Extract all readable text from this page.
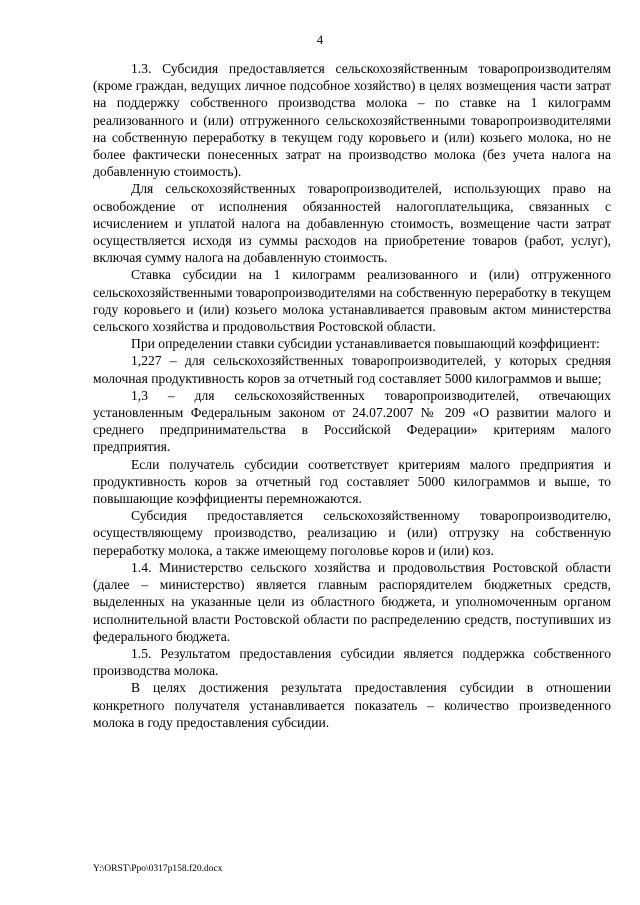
4

1.3. Субсидия предоставляется сельскохозяйственным товаропроизводителям (кроме граждан, ведущих личное подсобное хозяйство) в целях возмещения части затрат на поддержку собственного производства молока – по ставке на 1 килограмм реализованного и (или) отгруженного сельскохозяйственными товаропроизводителями на собственную переработку в текущем году коровьего и (или) козьего молока, но не более фактически понесенных затрат на производство молока (без учета налога на добавленную стоимость).

Для сельскохозяйственных товаропроизводителей, использующих право на освобождение от исполнения обязанностей налогоплательщика, связанных с исчислением и уплатой налога на добавленную стоимость, возмещение части затрат осуществляется исходя из суммы расходов на приобретение товаров (работ, услуг), включая сумму налога на добавленную стоимость.

Ставка субсидии на 1 килограмм реализованного и (или) отгруженного сельскохозяйственными товаропроизводителями на собственную переработку в текущем году коровьего и (или) козьего молока устанавливается правовым актом министерства сельского хозяйства и продовольствия Ростовской области.

При определении ставки субсидии устанавливается повышающий коэффициент:

1,227 – для сельскохозяйственных товаропроизводителей, у которых средняя молочная продуктивность коров за отчетный год составляет 5000 килограммов и выше;

1,3 – для сельскохозяйственных товаропроизводителей, отвечающих установленным Федеральным законом от 24.07.2007 № 209 «О развитии малого и среднего предпринимательства в Российской Федерации» критериям малого предприятия.

Если получатель субсидии соответствует критериям малого предприятия и продуктивность коров за отчетный год составляет 5000 килограммов и выше, то повышающие коэффициенты перемножаются.

Субсидия предоставляется сельскохозяйственному товаропроизводителю, осуществляющему производство, реализацию и (или) отгрузку на собственную переработку молока, а также имеющему поголовье коров и (или) коз.

1.4. Министерство сельского хозяйства и продовольствия Ростовской области (далее – министерство) является главным распорядителем бюджетных средств, выделенных на указанные цели из областного бюджета, и уполномоченным органом исполнительной власти Ростовской области по распределению средств, поступивших из федерального бюджета.

1.5. Результатом предоставления субсидии является поддержка собственного производства молока.

В целях достижения результата предоставления субсидии в отношении конкретного получателя устанавливается показатель – количество произведенного молока в году предоставления субсидии.

Y:\ORST\Ppo\0317p158.f20.docx
